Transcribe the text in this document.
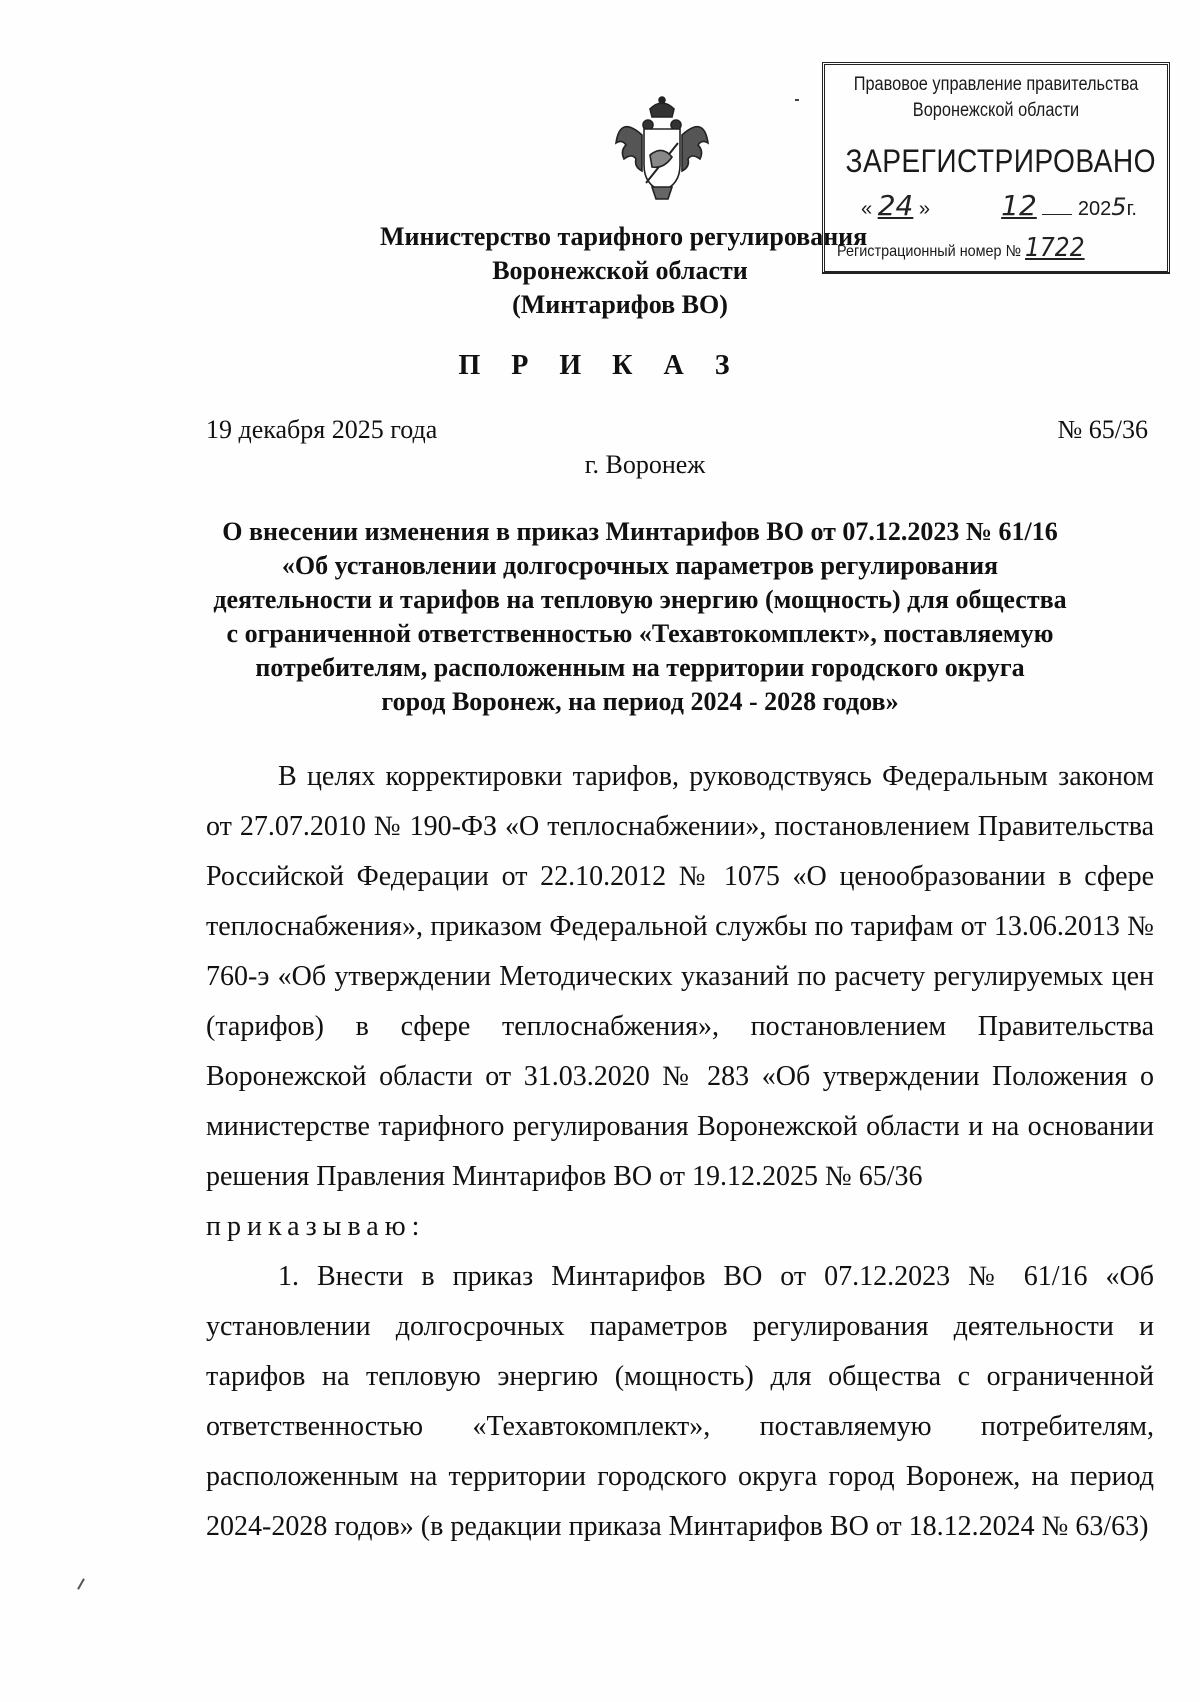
Министерство тарифного регулирования
Воронежской области
(Минтарифов ВО)
Правовое управление правительства
Воронежской области
ЗАРЕГИСТРИРОВАНО
« 24 »	12 2025г.
Регистрационный номер № 1722
П Р И К А З
19 декабря 2025 года	№ 65/36
г. Воронеж
О внесении изменения в приказ Минтарифов ВО от 07.12.2023 № 61/16
«Об установлении долгосрочных параметров регулирования
деятельности и тарифов на тепловую энергию (мощность) для общества
с ограниченной ответственностью «Техавтокомплект», поставляемую
потребителям, расположенным на территории городского округа
город Воронеж, на период 2024 - 2028 годов»

В целях корректировки тарифов, руководствуясь Федеральным законом от 27.07.2010 № 190-ФЗ «О теплоснабжении», постановлением Правительства Российской Федерации от 22.10.2012 № 1075 «О ценообразовании в сфере теплоснабжения», приказом Федеральной службы по тарифам от 13.06.2013 № 760-э «Об утверждении Методических указаний по расчету регулируемых цен (тарифов) в сфере теплоснабжения», постановлением Правительства Воронежской области от 31.03.2020 № 283 «Об утверждении Положения о министерстве тарифного регулирования Воронежской области и на основании решения Правления Минтарифов ВО от 19.12.2025 № 65/36

приказываю:

1. Внести в приказ Минтарифов ВО от 07.12.2023 № 61/16 «Об установлении долгосрочных параметров регулирования деятельности и тарифов на тепловую энергию (мощность) для общества с ограниченной ответственностью «Техавтокомплект», поставляемую потребителям, расположенным на территории городского округа город Воронеж, на период 2024-2028 годов» (в редакции приказа Минтарифов ВО от 18.12.2024 № 63/63)
